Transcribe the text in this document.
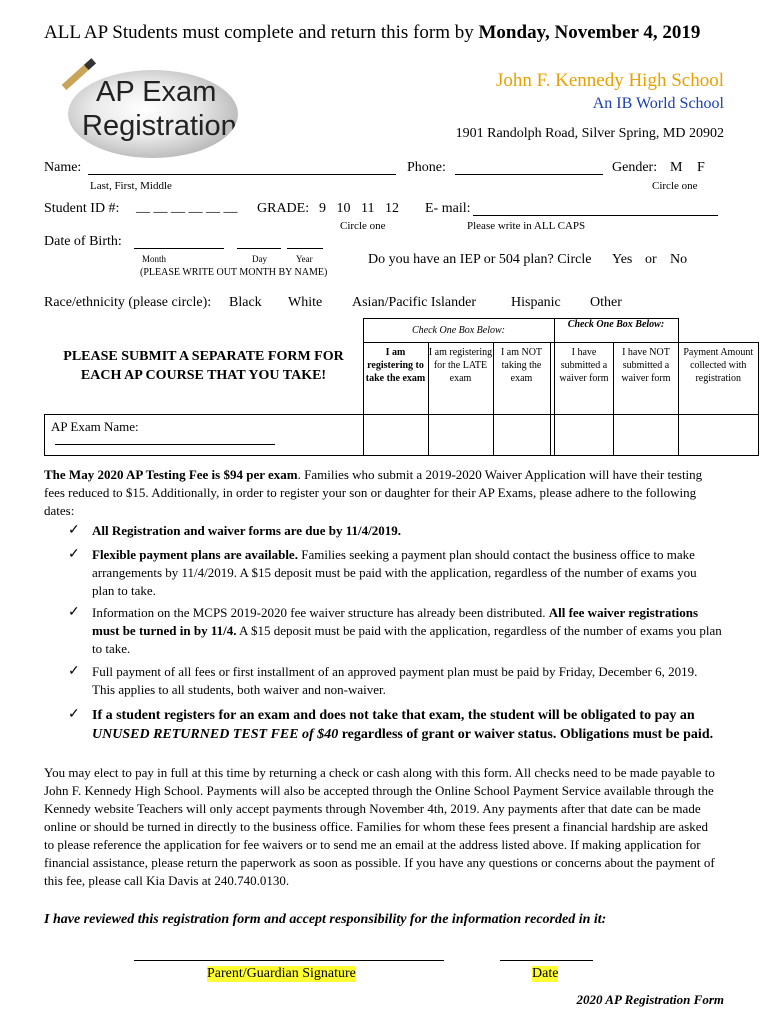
ALL AP Students must complete and return this form by Monday, November 4, 2019
AP Exam
Registration
John F. Kennedy High School
An IB World School
1901 Randolph Road, Silver Spring, MD 20902
Name:
Last, First, Middle
Phone:	Gender: M F
Circle one
Student ID #: __ __ __ __ __ __ GRADE: 9   10   11   12
Circle one
E- mail:
Please write in ALL CAPS
Date of Birth:
Month	Day	Year
(PLEASE WRITE OUT MONTH BY NAME)
Do you have an IEP or 504 plan? Circle Yes or No
Race/ethnicity (please circle): Black White Asian/Pacific Islander Hispanic Other
PLEASE SUBMIT A SEPARATE FORM FOR EACH AP COURSE THAT YOU TAKE!	Check One Box Below:				Check One Box Below:		
	I am registering to take the exam	I am registering for the LATE exam	I am NOT taking the exam		I have submitted a waiver form	I have NOT submitted a waiver form	Payment Amount collected with registration
AP Exam Name:							
The May 2020 AP Testing Fee is $94 per exam. Families who submit a 2019-2020 Waiver Application will have their testing fees reduced to $15. Additionally, in order to register your son or daughter for their AP Exams, please adhere to the following dates:
✓ All Registration and waiver forms are due by 11/4/2019.
✓ Flexible payment plans are available. Families seeking a payment plan should contact the business office to make arrangements by 11/4/2019. A $15 deposit must be paid with the application, regardless of the number of exams you plan to take.
✓ Information on the MCPS 2019-2020 fee waiver structure has already been distributed. All fee waiver registrations must be turned in by 11/4. A $15 deposit must be paid with the application, regardless of the number of exams you plan to take.
✓ Full payment of all fees or first installment of an approved payment plan must be paid by Friday, December 6, 2019. This applies to all students, both waiver and non-waiver.
✓ If a student registers for an exam and does not take that exam, the student will be obligated to pay an UNUSED RETURNED TEST FEE of $40 regardless of grant or waiver status. Obligations must be paid.
You may elect to pay in full at this time by returning a check or cash along with this form. All checks need to be made payable to John F. Kennedy High School. Payments will also be accepted through the Online School Payment Service available through the Kennedy website Teachers will only accept payments through November 4th, 2019. Any payments after that date can be made online or should be turned in directly to the business office. Families for whom these fees present a financial hardship are asked to please reference the application for fee waivers or to send me an email at the address listed above. If making application for financial assistance, please return the paperwork as soon as possible. If you have any questions or concerns about the payment of this fee, please call Kia Davis at 240.740.0130.
I have reviewed this registration form and accept responsibility for the information recorded in it:
Parent/Guardian Signature	Date
2020 AP Registration Form
